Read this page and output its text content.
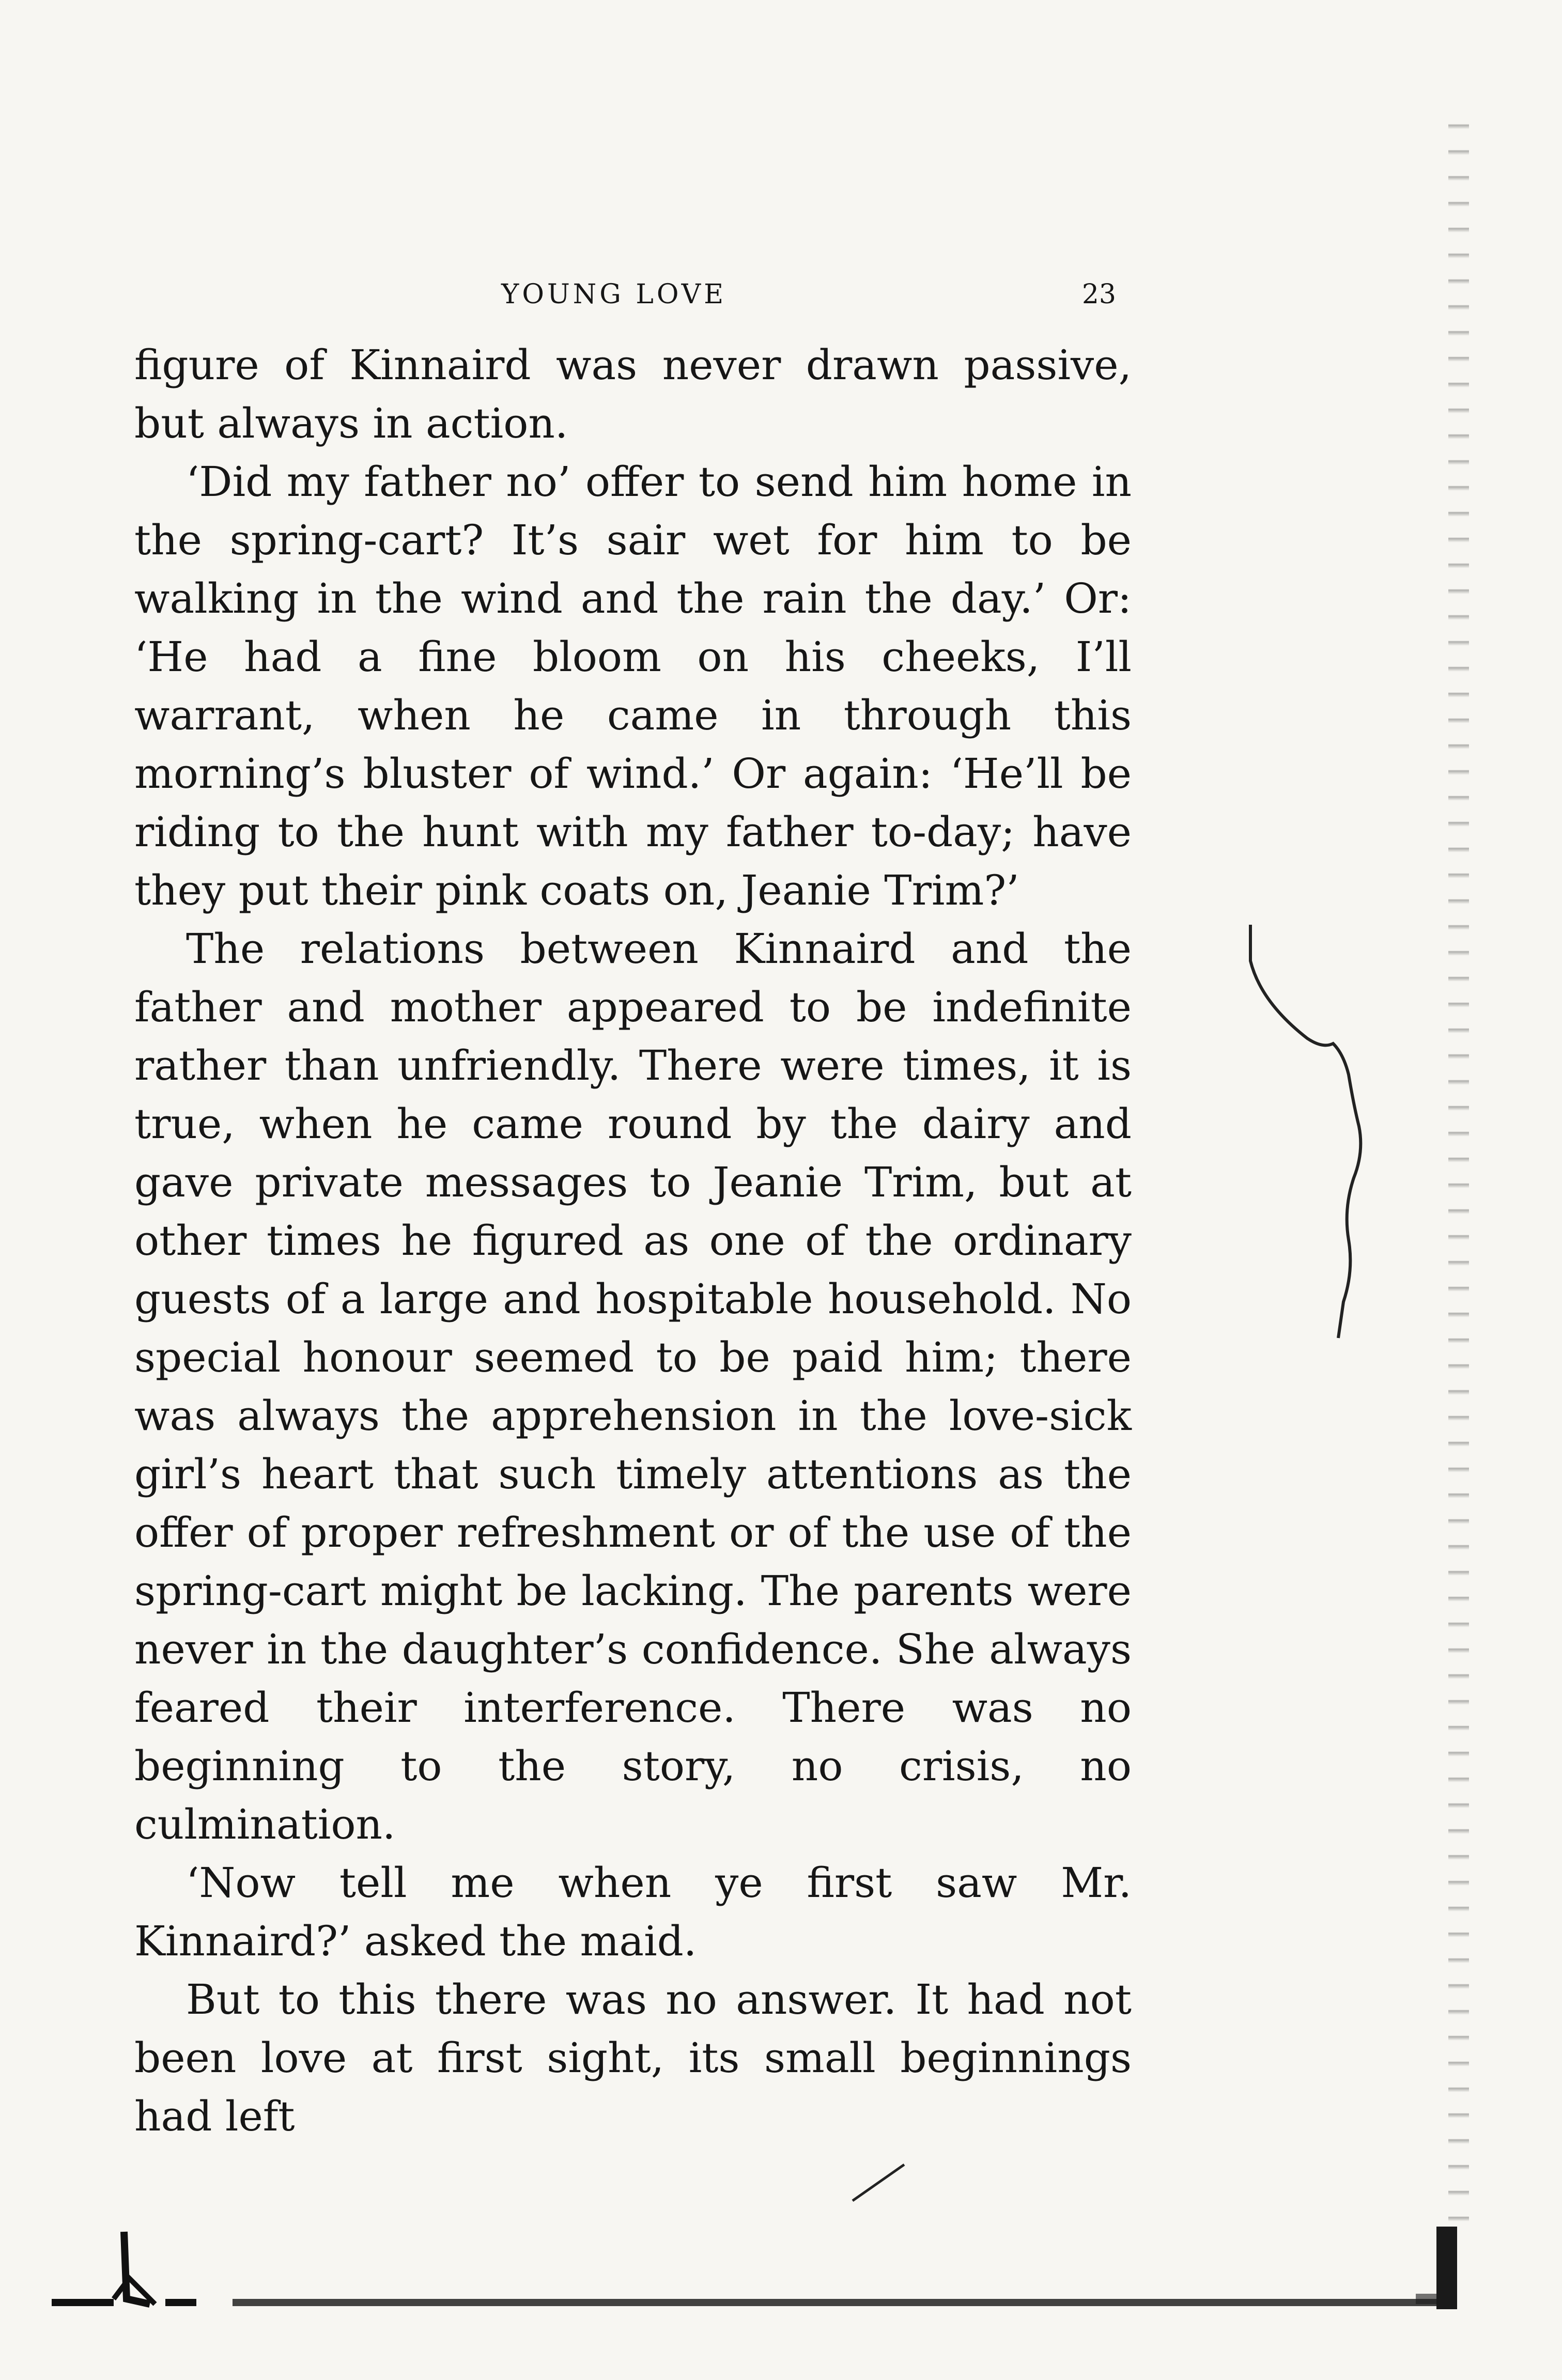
YOUNG LOVE	23

figure of Kinnaird was never drawn passive, but always in action.

‘Did my father no’ offer to send him home in the spring-cart? It’s sair wet for him to be walking in the wind and the rain the day.’ Or: ‘He had a fine bloom on his cheeks, I’ll warrant, when he came in through this morning’s bluster of wind.’ Or again: ‘He’ll be riding to the hunt with my father to-day; have they put their pink coats on, Jeanie Trim?’

The relations between Kinnaird and the father and mother appeared to be indefinite rather than unfriendly. There were times, it is true, when he came round by the dairy and gave private messages to Jeanie Trim, but at other times he figured as one of the ordinary guests of a large and hospitable household. No special honour seemed to be paid him; there was always the apprehension in the love-sick girl’s heart that such timely attentions as the offer of proper refreshment or of the use of the spring-cart might be lacking. The parents were never in the daughter’s confidence. She always feared their interference. There was no beginning to the story, no crisis, no culmination.

‘Now tell me when ye first saw Mr. Kinnaird?’ asked the maid.

But to this there was no answer. It had not been love at first sight, its small beginnings had left
